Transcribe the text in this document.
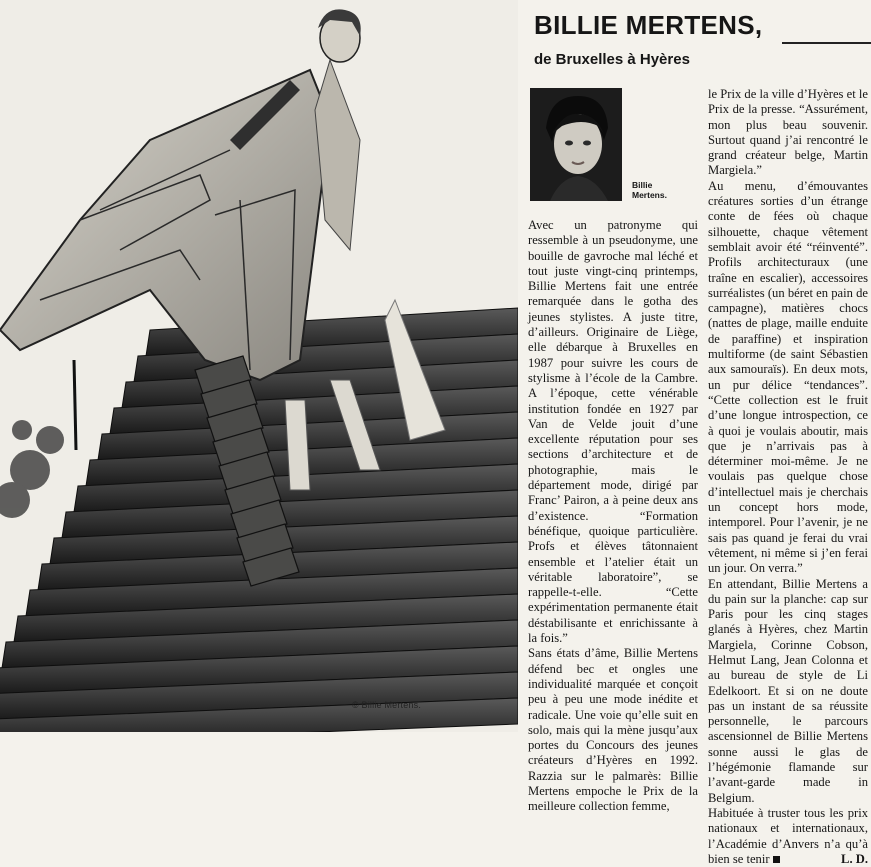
© Billie Mertens.
BILLIE MERTENS,
de Bruxelles à Hyères
Billie
Mertens.

Avec un patronyme qui ressemble à un pseudonyme, une bouille de gavroche mal léché et tout juste vingt-cinq printemps, Billie Mertens fait une entrée remarquée dans le gotha des jeunes stylistes. A juste titre, d’ailleurs. Originaire de Liège, elle débarque à Bruxelles en 1987 pour suivre les cours de stylisme à l’école de la Cambre. A l’époque, cette vénérable institution fondée en 1927 par Van de Velde jouit d’une excellente réputation pour ses sections d’architecture et de photographie, mais le département mode, dirigé par Franc’ Pairon, a à peine deux ans d’existence. “Formation bénéfique, quoique particulière. Profs et élèves tâtonnaient ensemble et l’atelier était un véritable laboratoire”, se rappelle-t-elle. “Cette expérimentation permanente était déstabilisante et enrichissante à la fois.”

Sans états d’âme, Billie Mertens défend bec et ongles une individualité marquée et conçoit peu à peu une mode inédite et radicale. Une voie qu’elle suit en solo, mais qui la mène jusqu’aux portes du Concours des jeunes créateurs d’Hyères en 1992. Razzia sur le palmarès: Billie Mertens empoche le Prix de la meilleure collection femme,

le Prix de la ville d’Hyères et le Prix de la presse. “Assurément, mon plus beau souvenir. Surtout quand j’ai rencontré le grand créateur belge, Martin Margiela.”

Au menu, d’émouvantes créatures sorties d’un étrange conte de fées où chaque silhouette, chaque vêtement semblait avoir été “réinventé”. Profils architecturaux (une traîne en escalier), accessoires surréalistes (un béret en pain de campagne), matières chocs (nattes de plage, maille enduite de paraffine) et inspiration multiforme (de saint Sébastien aux samouraïs). En deux mots, un pur délice “tendances”. “Cette collection est le fruit d’une longue introspection, ce à quoi je voulais aboutir, mais que je n’arrivais pas à déterminer moi-même. Je ne voulais pas quelque chose d’intellectuel mais je cherchais un concept hors mode, intemporel. Pour l’avenir, je ne sais pas quand je ferai du vrai vêtement, ni même si j’en ferai un jour. On verra.”

En attendant, Billie Mertens a du pain sur la planche: cap sur Paris pour les cinq stages glanés à Hyères, chez Martin Margiela, Corinne Cobson, Helmut Lang, Jean Colonna et au bureau de style de Li Edelkoort. Et si on ne doute pas un instant de sa réussite personnelle, le parcours ascensionnel de Billie Mertens sonne aussi le glas de l’hégémonie flamande sur l’avant-garde made in Belgium.

Habituée à truster tous les prix nationaux et internationaux, l’Académie d’Anvers n’a qu’à bien se tenir	L. D.
